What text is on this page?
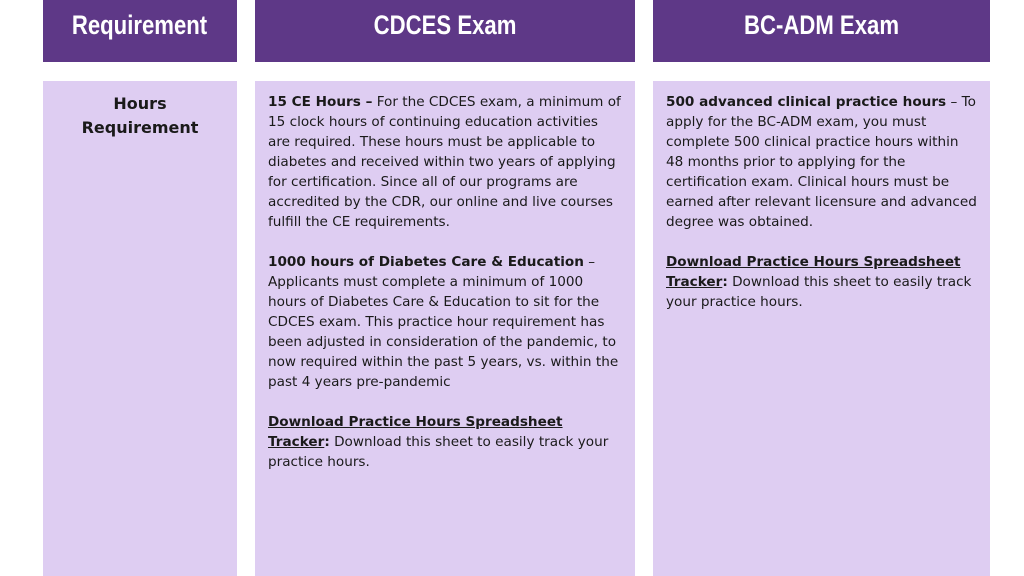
Requirement	CDCES Exam	BC-ADM Exam
Hours Requirement

15 CE Hours – For the CDCES exam, a minimum of 15 clock hours of continuing education activities are required. These hours must be applicable to diabetes and received within two years of applying for certification. Since all of our programs are accredited by the CDR, our online and live courses fulfill the CE requirements.

1000 hours of Diabetes Care & Education – Applicants must complete a minimum of 1000 hours of Diabetes Care & Education to sit for the CDCES exam. This practice hour requirement has been adjusted in consideration of the pandemic, to now required within the past 5 years, vs. within the past 4 years pre-pandemic

Download Practice Hours Spreadsheet Tracker: Download this sheet to easily track your practice hours.

500 advanced clinical practice hours – To apply for the BC-ADM exam, you must complete 500 clinical practice hours within 48 months prior to applying for the certification exam. Clinical hours must be earned after relevant licensure and advanced degree was obtained.

Download Practice Hours Spreadsheet Tracker: Download this sheet to easily track your practice hours.
